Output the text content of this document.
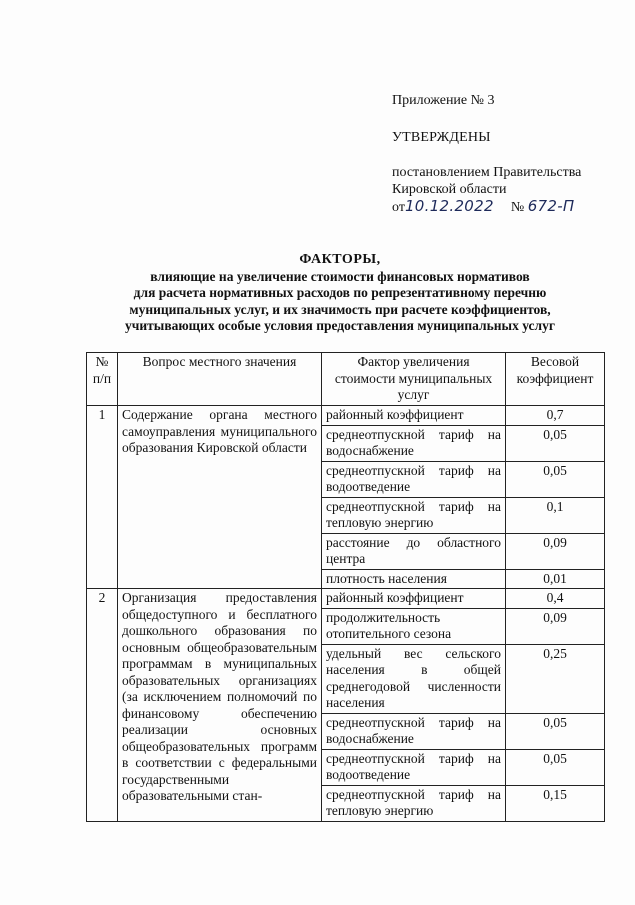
Приложение № 3
УТВЕРЖДЕНЫ
постановлением Правительства
Кировской области
от10.12.2022 № 672-П
ФАКТОРЫ,
влияющие на увеличение стоимости финансовых нормативов
для расчета нормативных расходов по репрезентативному перечню
муниципальных услуг, и их значимость при расчете коэффициентов,
учитывающих особые условия предоставления муниципальных услуг
№ п/п	Вопрос местного значения	Фактор увеличения стоимости муниципальных услуг	Весовой коэффициент
1	Содержание органа местного самоуправления муниципального образования Кировской области	районный коэффициент	0,7
		среднеотпускной тариф на водоснабжение	0,05
		среднеотпускной тариф на водоотведение	0,05
		среднеотпускной тариф на тепловую энергию	0,1
		расстояние до областного центра	0,09
		плотность населения	0,01
2	Организация предоставления общедоступного и бесплатного дошкольного образования по основным общеобразовательным программам в муниципальных образовательных организациях (за исключением полномочий по финансовому обеспечению реализации основных общеобразовательных программ в соответствии с федеральными государственными образовательными стан-	районный коэффициент	0,4
		продолжительность отопительного сезона	0,09
		удельный вес сельского населения в общей среднегодовой численности населения	0,25
		среднеотпускной тариф на водоснабжение	0,05
		среднеотпускной тариф на водоотведение	0,05
		среднеотпускной тариф на тепловую энергию	0,15
